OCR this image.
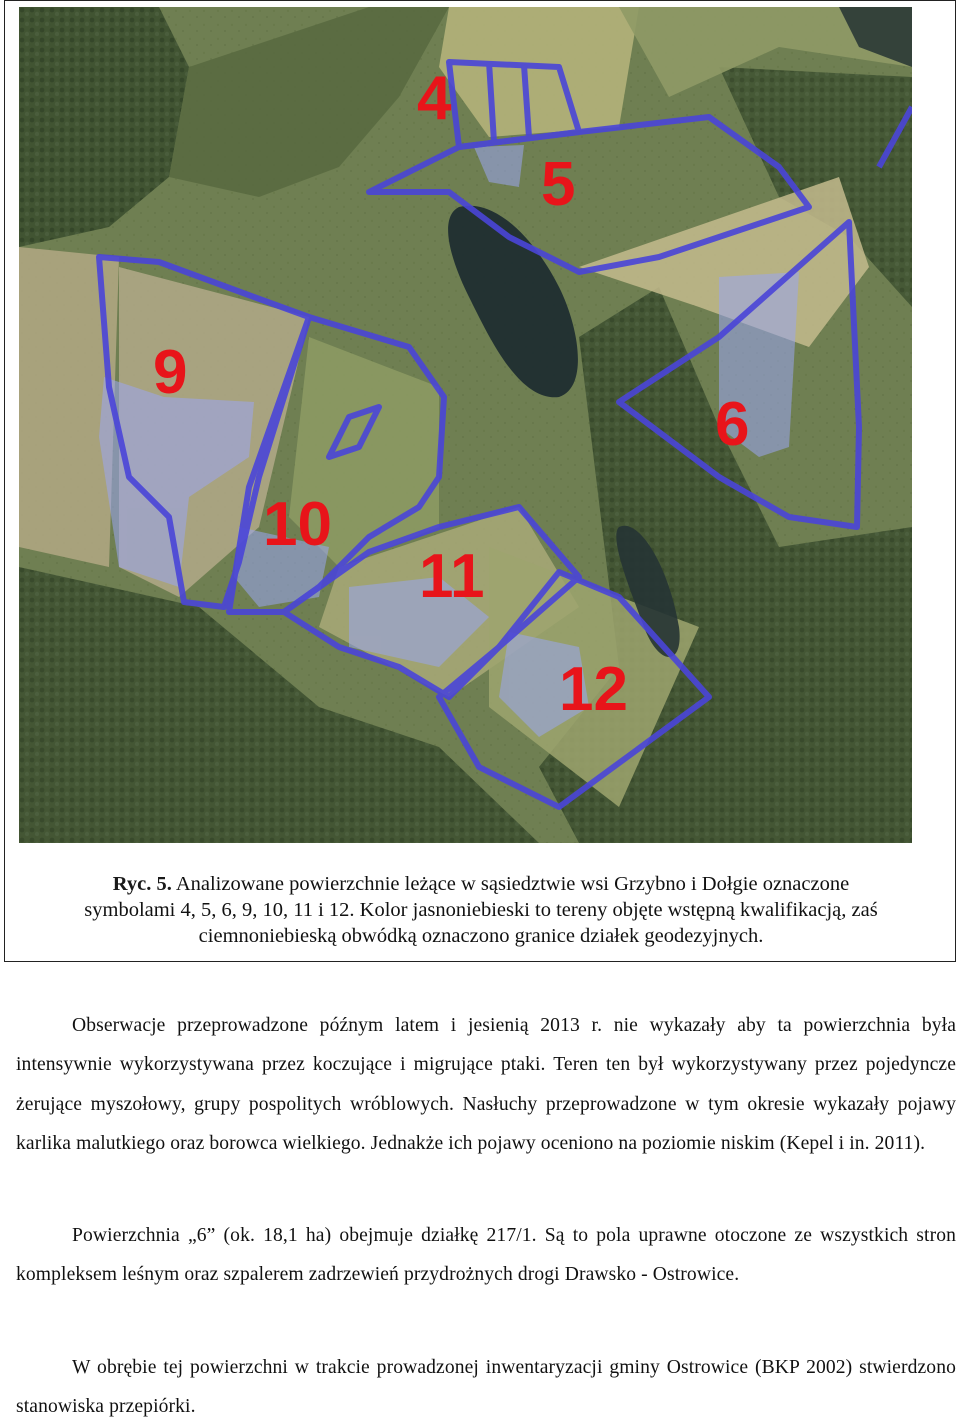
4
5
6
9
10
11
12
Ryc. 5. Analizowane powierzchnie leżące w sąsiedztwie wsi Grzybno i Dołgie oznaczone
symbolami 4, 5, 6, 9, 10, 11 i 12. Kolor jasnoniebieski to tereny objęte wstępną kwalifikacją, zaś
ciemnoniebieską obwódką oznaczono granice działek geodezyjnych.

Obserwacje przeprowadzone późnym latem i jesienią 2013 r. nie wykazały aby ta powierzchnia była intensywnie wykorzystywana przez koczujące i migrujące ptaki. Teren ten był wykorzystywany przez pojedyncze żerujące myszołowy, grupy pospolitych wróblowych. Nasłuchy przeprowadzone w tym okresie wykazały pojawy karlika malutkiego oraz borowca wielkiego. Jednakże ich pojawy oceniono na poziomie niskim (Kepel i in. 2011).

Powierzchnia „6” (ok. 18,1 ha) obejmuje działkę 217/1. Są to pola uprawne otoczone ze wszystkich stron kompleksem leśnym oraz szpalerem zadrzewień przydrożnych drogi Drawsko - Ostrowice.

W obrębie tej powierzchni w trakcie prowadzonej inwentaryzacji gminy Ostrowice (BKP 2002) stwierdzono stanowiska przepiórki.
